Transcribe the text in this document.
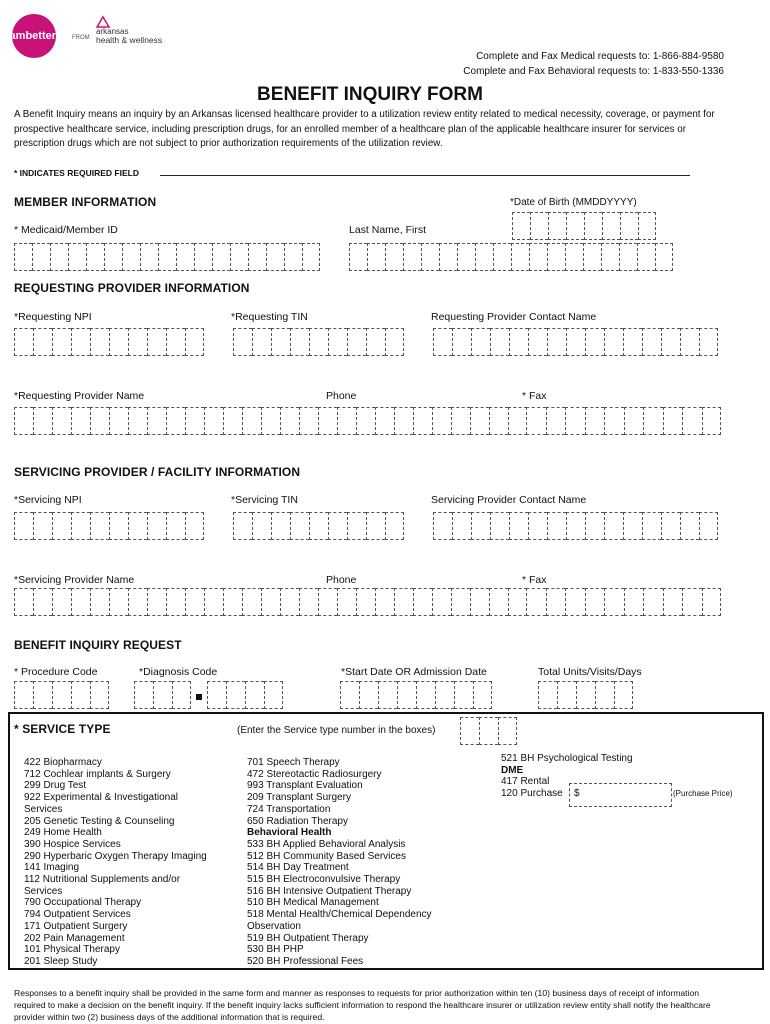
ambetter. FROM
arkansas
health & wellness
Complete and Fax Medical requests to: 1-866-884-9580
Complete and Fax Behavioral requests to: 1-833-550-1336
BENEFIT INQUIRY FORM
A Benefit Inquiry means an inquiry by an Arkansas licensed healthcare provider to a utilization review entity related to medical necessity, coverage, or payment for prospective healthcare service, including prescription drugs, for an enrolled member of a healthcare plan of the applicable healthcare insurer for services or prescription drugs which are not subject to prior authorization requirements of the utilization review.
* INDICATES REQUIRED FIELD
MEMBER INFORMATION	*Date of Birth (MMDDYYYY)
* Medicaid/Member ID	Last Name, First
REQUESTING PROVIDER INFORMATION
*Requesting NPI	*Requesting TIN	Requesting Provider Contact Name
*Requesting Provider Name	Phone	* Fax
SERVICING PROVIDER / FACILITY INFORMATION
*Servicing NPI	*Servicing TIN	Servicing Provider Contact Name
*Servicing Provider Name	Phone	* Fax
BENEFIT INQUIRY REQUEST
* Procedure Code	*Diagnosis Code	*Start Date OR Admission Date	Total Units/Visits/Days
* SERVICE TYPE	(Enter the Service type number in the boxes)
422 Biopharmacy
712 Cochlear implants & Surgery
299 Drug Test
922 Experimental & Investigational
Services
205 Genetic Testing & Counseling
249 Home Health
390 Hospice Services
290 Hyperbaric Oxygen Therapy Imaging
141 Imaging
112 Nutritional Supplements and/or
Services
790 Occupational Therapy
794 Outpatient Services
171 Outpatient Surgery
202 Pain Management
101 Physical Therapy
201 Sleep Study
701 Speech Therapy
472 Stereotactic Radiosurgery
993 Transplant Evaluation
209 Transplant Surgery
724 Transportation
650 Radiation Therapy
Behavioral Health
533 BH Applied Behavioral Analysis
512 BH Community Based Services
514 BH Day Treatment
515 BH Electroconvulsive Therapy
516 BH Intensive Outpatient Therapy
510 BH Medical Management
518 Mental Health/Chemical Dependency
Observation
519 BH Outpatient Therapy
530 BH PHP
520 BH Professional Fees
521 BH Psychological Testing
DME
417 Rental
120 Purchase	$	(Purchase Price)
Responses to a benefit inquiry shall be provided in the same form and manner as responses to requests for prior authorization within ten (10) business days of receipt of information required to make a decision on the benefit inquiry. If the benefit inquiry lacks sufficient information to respond the healthcare insurer or utilization review entity shall notify the healthcare provider within two (2) business days of the additional information that is required.
